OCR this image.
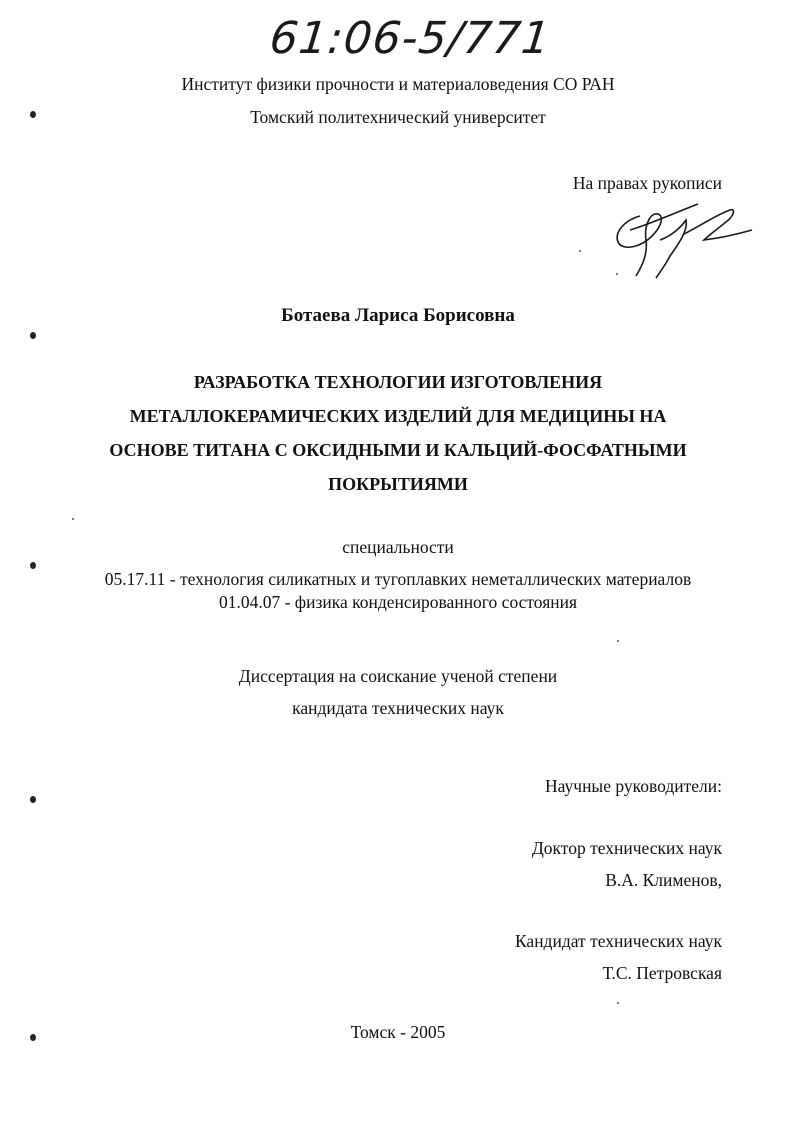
61:06-5/771
Институт физики прочности и материаловедения СО РАН
Томский политехнический университет
На правах рукописи
Ботаева Лариса Борисовна
РАЗРАБОТКА ТЕХНОЛОГИИ ИЗГОТОВЛЕНИЯ
МЕТАЛЛОКЕРАМИЧЕСКИХ ИЗДЕЛИЙ ДЛЯ МЕДИЦИНЫ НА
ОСНОВЕ ТИТАНА С ОКСИДНЫМИ И КАЛЬЦИЙ-ФОСФАТНЫМИ
ПОКРЫТИЯМИ
специальности
05.17.11 - технология силикатных и тугоплавких неметаллических материалов
01.04.07 - физика конденсированного состояния
Диссертация на соискание ученой степени
кандидата технических наук
Научные руководители:
Доктор технических наук
В.А. Клименов,
Кандидат технических наук
Т.С. Петровская
Томск - 2005
